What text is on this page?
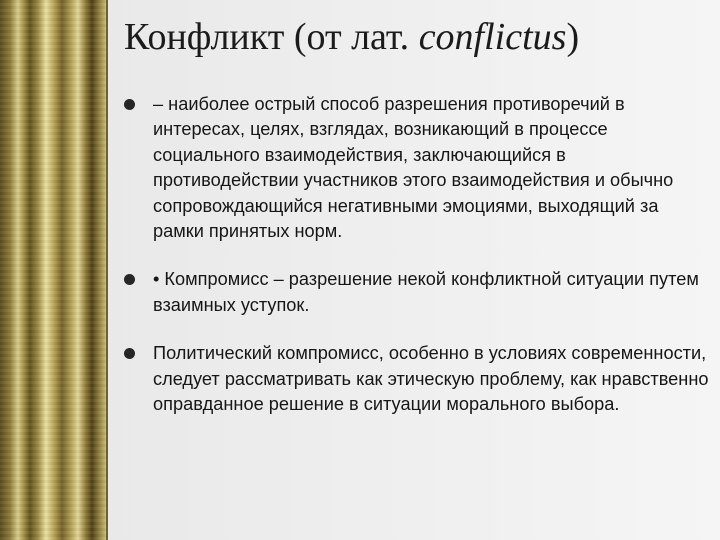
Конфликт (от лат. conflictus)
– наиболее острый способ разрешения противоречий в интересах, целях, взглядах, возникающий в процессе социального взаимодействия, заключающийся в противодействии участников этого взаимодействия и обычно сопровождающийся негативными эмоциями, выходящий за рамки принятых норм.
• Компромисс – разрешение некой конфликтной ситуации путем взаимных уступок.
Политический компромисс, особенно в условиях современности, следует рассматривать как этическую проблему, как нравственно оправданное решение в ситуации морального выбора.
